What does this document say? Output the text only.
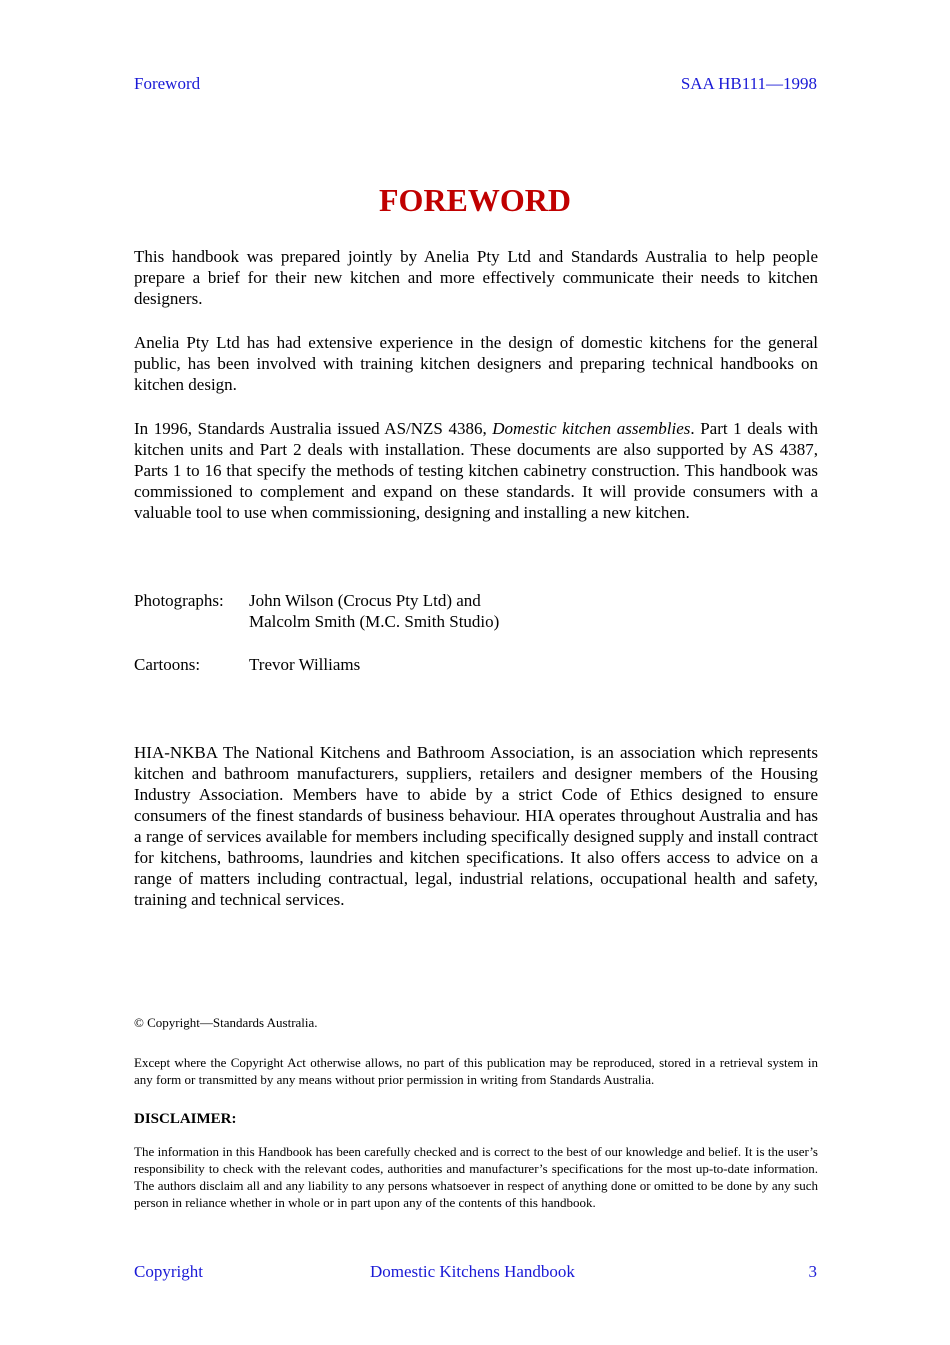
Foreword	SAA HB111—1998
FOREWORD

This handbook was prepared jointly by Anelia Pty Ltd and Standards Australia to help people prepare a brief for their new kitchen and more effectively communicate their needs to kitchen designers.

Anelia Pty Ltd has had extensive experience in the design of domestic kitchens for the general public, has been involved with training kitchen designers and preparing technical handbooks on kitchen design.

In 1996, Standards Australia issued AS/NZS 4386, Domestic kitchen assemblies. Part 1 deals with kitchen units and Part 2 deals with installation. These documents are also supported by AS 4387, Parts 1 to 16 that specify the methods of testing kitchen cabinetry construction. This handbook was commissioned to complement and expand on these standards. It will provide consumers with a valuable tool to use when commissioning, designing and installing a new kitchen.

Photographs:	John Wilson (Crocus Pty Ltd) and
Malcolm Smith (M.C. Smith Studio)
Cartoons:	Trevor Williams

HIA-NKBA The National Kitchens and Bathroom Association, is an association which represents kitchen and bathroom manufacturers, suppliers, retailers and designer members of the Housing Industry Association. Members have to abide by a strict Code of Ethics designed to ensure consumers of the finest standards of business behaviour. HIA operates throughout Australia and has a range of services available for members including specifically designed supply and install contract for kitchens, bathrooms, laundries and kitchen specifications. It also offers access to advice on a range of matters including contractual, legal, industrial relations, occupational health and safety, training and technical services.

© Copyright—Standards Australia.

Except where the Copyright Act otherwise allows, no part of this publication may be reproduced, stored in a retrieval system in any form or transmitted by any means without prior permission in writing from Standards Australia.

DISCLAIMER:

The information in this Handbook has been carefully checked and is correct to the best of our knowledge and belief. It is the user’s responsibility to check with the relevant codes, authorities and manufacturer’s specifications for the most up-to-date information. The authors disclaim all and any liability to any persons whatsoever in respect of anything done or omitted to be done by any such person in reliance whether in whole or in part upon any of the contents of this handbook.

Copyright	Domestic Kitchens Handbook	3
